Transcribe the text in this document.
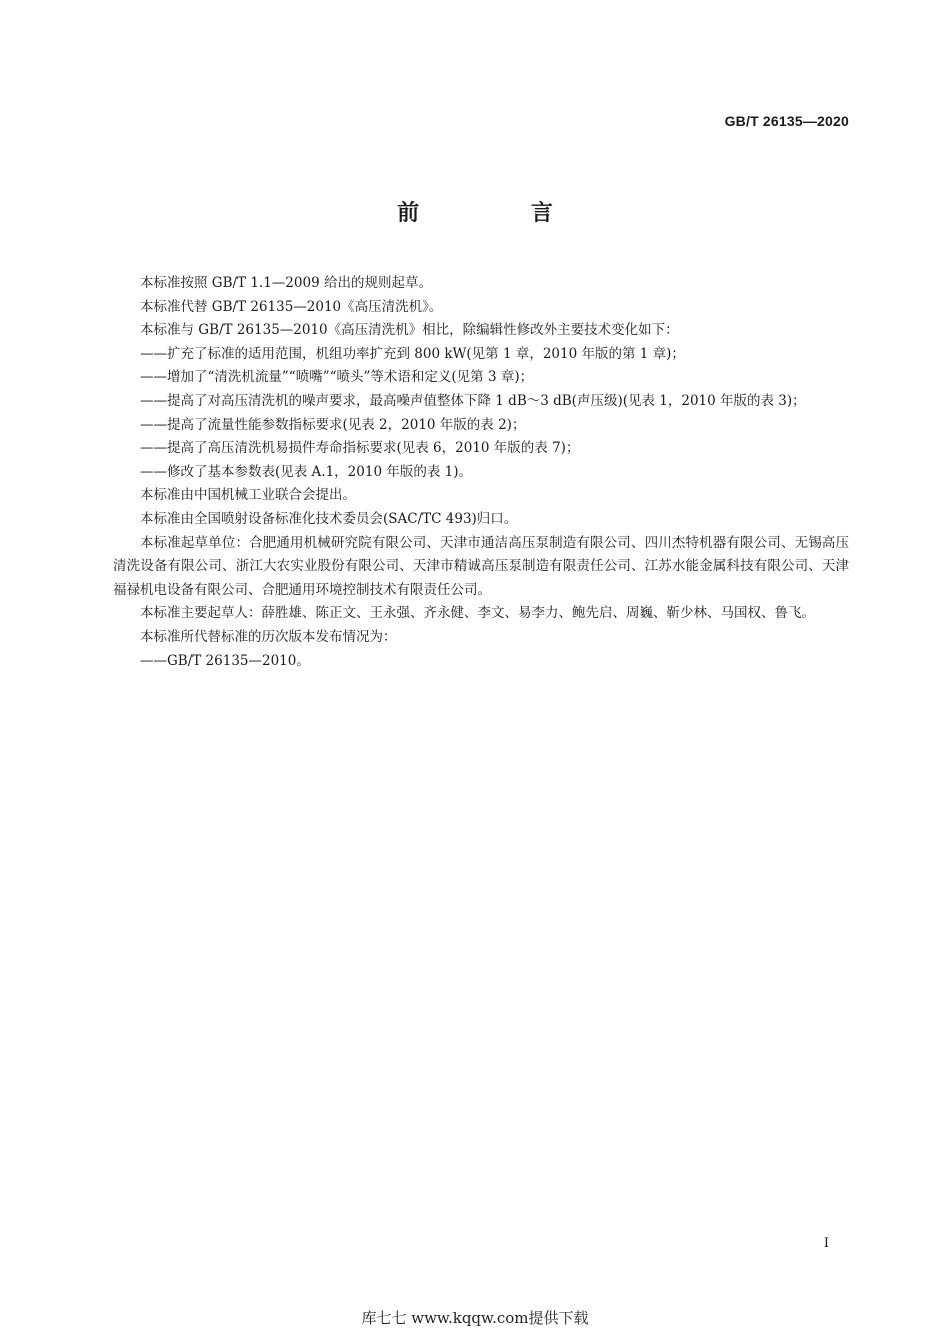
GB/T 26135—2020
前 言

本标准按照 GB/T 1.1—2009 给出的规则起草。

本标准代替 GB/T 26135—2010《高压清洗机》。

本标准与 GB/T 26135—2010《高压清洗机》相比，除编辑性修改外主要技术变化如下：

——扩充了标准的适用范围，机组功率扩充到 800 kW(见第 1 章，2010 年版的第 1 章)；

——增加了“清洗机流量”“喷嘴”“喷头”等术语和定义(见第 3 章)；

——提高了对高压清洗机的噪声要求，最高噪声值整体下降 1 dB～3 dB(声压级)(见表 1，2010 年版的表 3)；

——提高了流量性能参数指标要求(见表 2，2010 年版的表 2)；

——提高了高压清洗机易损件寿命指标要求(见表 6，2010 年版的表 7)；

——修改了基本参数表(见表 A.1，2010 年版的表 1)。

本标准由中国机械工业联合会提出。

本标准由全国喷射设备标准化技术委员会(SAC/TC 493)归口。

本标准起草单位：合肥通用机械研究院有限公司、天津市通洁高压泵制造有限公司、四川杰特机器有限公司、无锡高压清洗设备有限公司、浙江大农实业股份有限公司、天津市精诚高压泵制造有限责任公司、江苏水能金属科技有限公司、天津福禄机电设备有限公司、合肥通用环境控制技术有限责任公司。

本标准主要起草人：薛胜雄、陈正文、王永强、齐永健、李文、易李力、鲍先启、周巍、靳少林、马国权、鲁飞。

本标准所代替标准的历次版本发布情况为：

——GB/T 26135—2010。

I
库七七 www.kqqw.com提供下载
